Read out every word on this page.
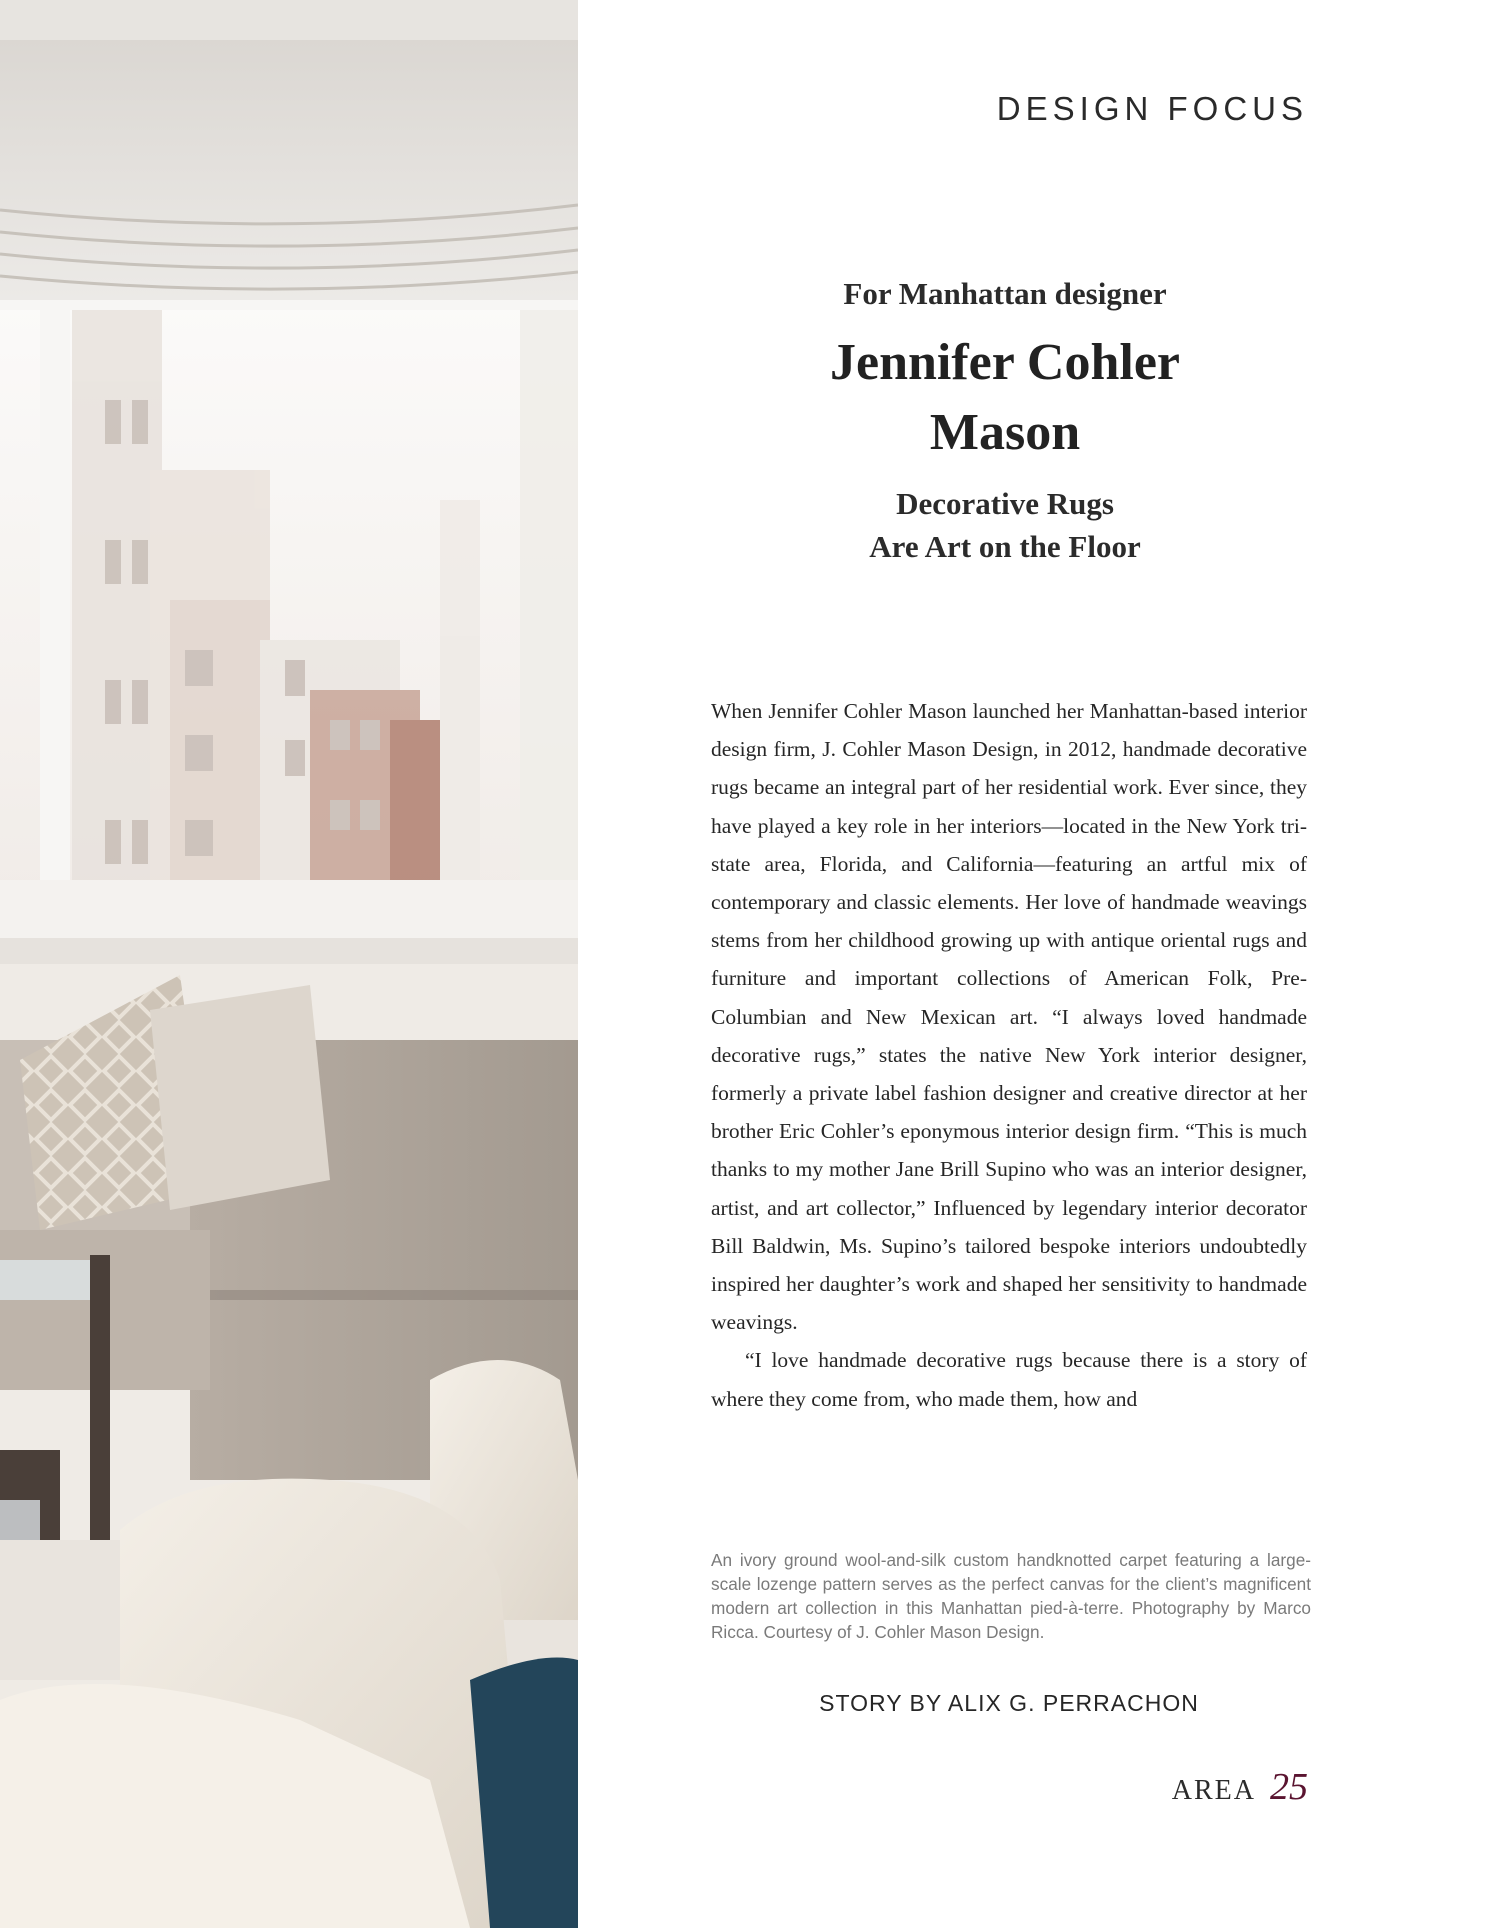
DESIGN FOCUS

For Manhattan designer

Jennifer Cohler
Mason

Decorative Rugs
Are Art on the Floor

When Jennifer Cohler Mason launched her Manhattan-based interior design firm, J. Cohler Mason Design, in 2012, handmade decorative rugs became an integral part of her residential work. Ever since, they have played a key role in her interiors—located in the New York tri-state area, Florida, and California—featuring an artful mix of contemporary and classic elements. Her love of handmade weavings stems from her childhood growing up with antique oriental rugs and furniture and important collections of American Folk, Pre-Columbian and New Mexican art. “I always loved handmade decorative rugs,” states the native New York interior designer, formerly a private label fashion designer and creative director at her brother Eric Cohler’s eponymous interior design firm. “This is much thanks to my mother Jane Brill Supino who was an interior designer, artist, and art collector,” Influenced by legendary interior decorator Bill Baldwin, Ms. Supino’s tailored bespoke interiors undoubtedly inspired her daughter’s work and shaped her sensitivity to handmade weavings.

“I love handmade decorative rugs because there is a story of where they come from, who made them, how and

An ivory ground wool-and-silk custom handknotted carpet featuring a large-scale lozenge pattern serves as the perfect canvas for the client’s magnificent modern art collection in this Manhattan pied-à-terre. Photography by Marco Ricca. Courtesy of J. Cohler Mason Design.
STORY BY ALIX G. PERRACHON
AREA 25
